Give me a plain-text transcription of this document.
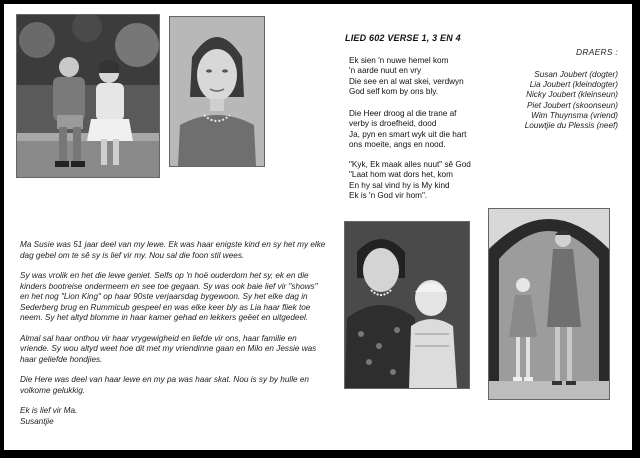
Ma Susie was 51 jaar deel van my lewe. Ek was haar enigste kind en sy het my elke dag gebel om te sê sy is lief vir my. Nou sal die foon stil wees.

Sy was vrolik en het die lewe geniet. Selfs op 'n hoë ouderdom het sy, ek en die kinders bootreise ondermeem en see toe gegaan. Sy was ook baie lief vir "shows" en het nog "Lion King" op haar 90ste verjaarsdag bygewoon. Sy het elke dag in Sederberg brug en Rummicub gespeel en was elke keer bly as Lia haar fliek toe neem. Sy het altyd blomme in haar kamer gehad en lekkers geëet en uitgedeel.

Almal sal haar onthou vir haar vrygewigheid en liefde vir ons, haar familie en vriende. Sy wou altyd weet hoe dit met my vriendinne gaan en Milo en Jessie was haar geliefde hondjies.

Die Here was deel van haar lewe en my pa was haar skat. Nou is sy by hulle en volkome gelukkig.

Ek is lief vir Ma.
Susantjie
LIED 602 VERSE 1, 3 EN 4
Ek sien 'n nuwe hemel kom
'n aarde nuut en vry
Die see en al wat skei, verdwyn
God self kom by ons bly.
Die Heer droog al die trane af
verby is droefheid, dood
Ja, pyn en smart wyk uit die hart
ons moeite, angs en nood.
"Kyk, Ek maak alles nuut" sê God
"Laat hom wat dors het, kom
En hy sal vind hy is My kind
Ek is 'n God vir hom".
DRAERS :
Susan Joubert (dogter)
Lia Joubert (kleindogter)
Nicky Joubert (kleinseun)
Piet Joubert (skoonseun)
Wim Thuynsma (vriend)
Louwtjie du Plessis (neef)
